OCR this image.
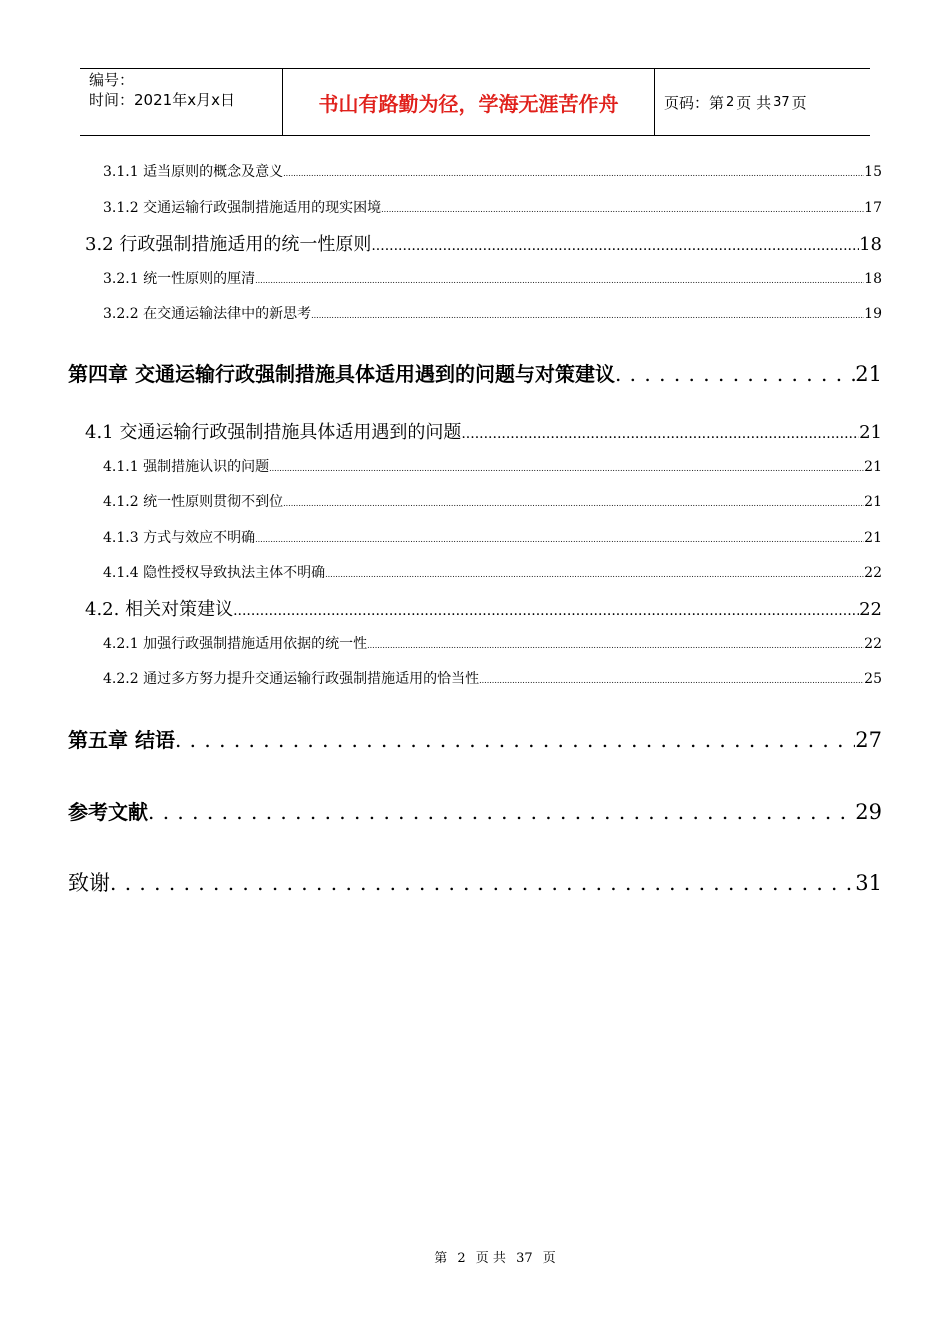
编号：
时间：2021年x月x日	书山有路勤为径，学海无涯苦作舟	页码：第 2 页 共 37 页
3.1.1 适当原则的概念及意义 .....	15
3.1.2 交通运输行政强制措施适用的现实困境 .....	17
3.2 行政强制措施适用的统一性原则 .....	18
3.2.1 统一性原则的厘清 .....	18
3.2.2 在交通运输法律中的新思考 .....	19
第四章 交通运输行政强制措施具体适用遇到的问题与对策建议 . . .	21
4.1 交通运输行政强制措施具体适用遇到的问题 .....	21
4.1.1 强制措施认识的问题 .....	21
4.1.2 统一性原则贯彻不到位 .....	21
4.1.3 方式与效应不明确 .....	21
4.1.4 隐性授权导致执法主体不明确 .....	22
4.2. 相关对策建议 .....	22
4.2.1 加强行政强制措施适用依据的统一性 .....	22
4.2.2 通过多方努力提升交通运输行政强制措施适用的恰当性 .....	25
第五章 结语 . . .	27
参考文献 . . .	29
致谢 . . .	31
第 2 页 共 37 页
